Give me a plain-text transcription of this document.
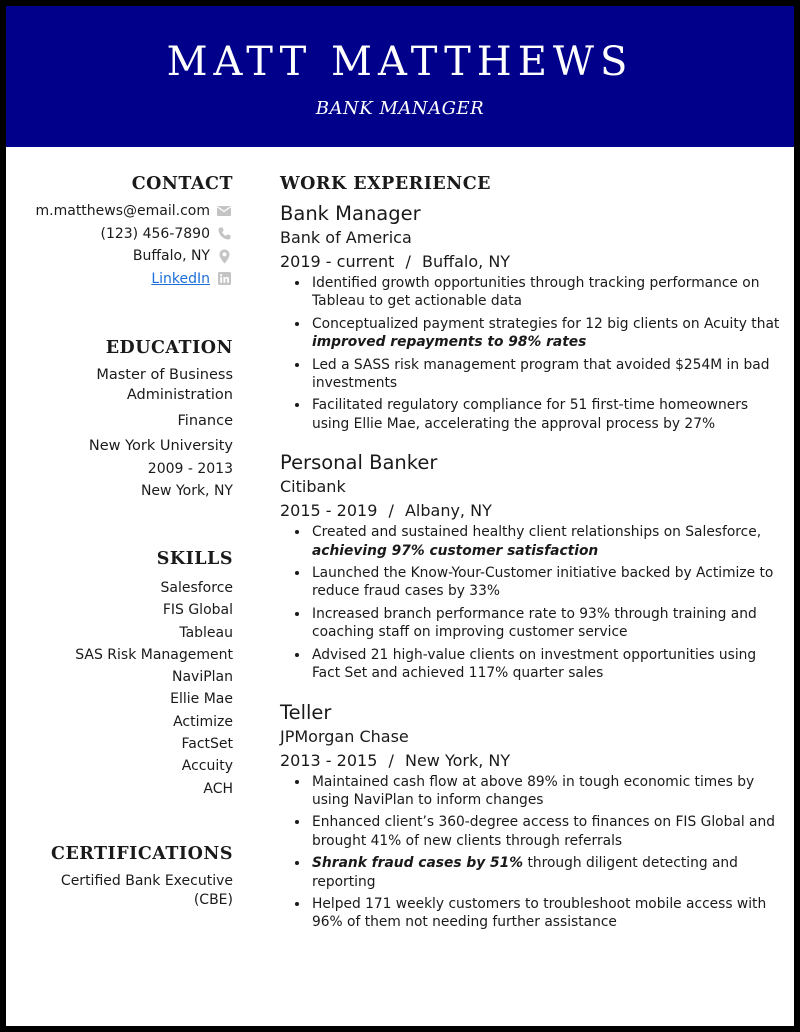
MATT MATTHEWS
BANK MANAGER
CONTACT
m.matthews@email.com
(123) 456-7890
Buffalo, NY
LinkedIn
EDUCATION
Master of Business
Administration
Finance
New York University
2009 - 2013
New York, NY
SKILLS
Salesforce
FIS Global
Tableau
SAS Risk Management
NaviPlan
Ellie Mae
Actimize
FactSet
Accuity
ACH
CERTIFICATIONS
Certified Bank Executive
(CBE)
WORK EXPERIENCE
Bank Manager
Bank of America
2019 - current / Buffalo, NY
• Identified growth opportunities through tracking performance on Tableau to get actionable data
• Conceptualized payment strategies for 12 big clients on Acuity that improved repayments to 98% rates
• Led a SASS risk management program that avoided $254M in bad investments
• Facilitated regulatory compliance for 51 first-time homeowners using Ellie Mae, accelerating the approval process by 27%
Personal Banker
Citibank
2015 - 2019 / Albany, NY
• Created and sustained healthy client relationships on Salesforce, achieving 97% customer satisfaction
• Launched the Know-Your-Customer initiative backed by Actimize to reduce fraud cases by 33%
• Increased branch performance rate to 93% through training and coaching staff on improving customer service
• Advised 21 high-value clients on investment opportunities using Fact Set and achieved 117% quarter sales
Teller
JPMorgan Chase
2013 - 2015 / New York, NY
• Maintained cash flow at above 89% in tough economic times by using NaviPlan to inform changes
• Enhanced client’s 360-degree access to finances on FIS Global and brought 41% of new clients through referrals
• Shrank fraud cases by 51% through diligent detecting and reporting
• Helped 171 weekly customers to troubleshoot mobile access with 96% of them not needing further assistance
